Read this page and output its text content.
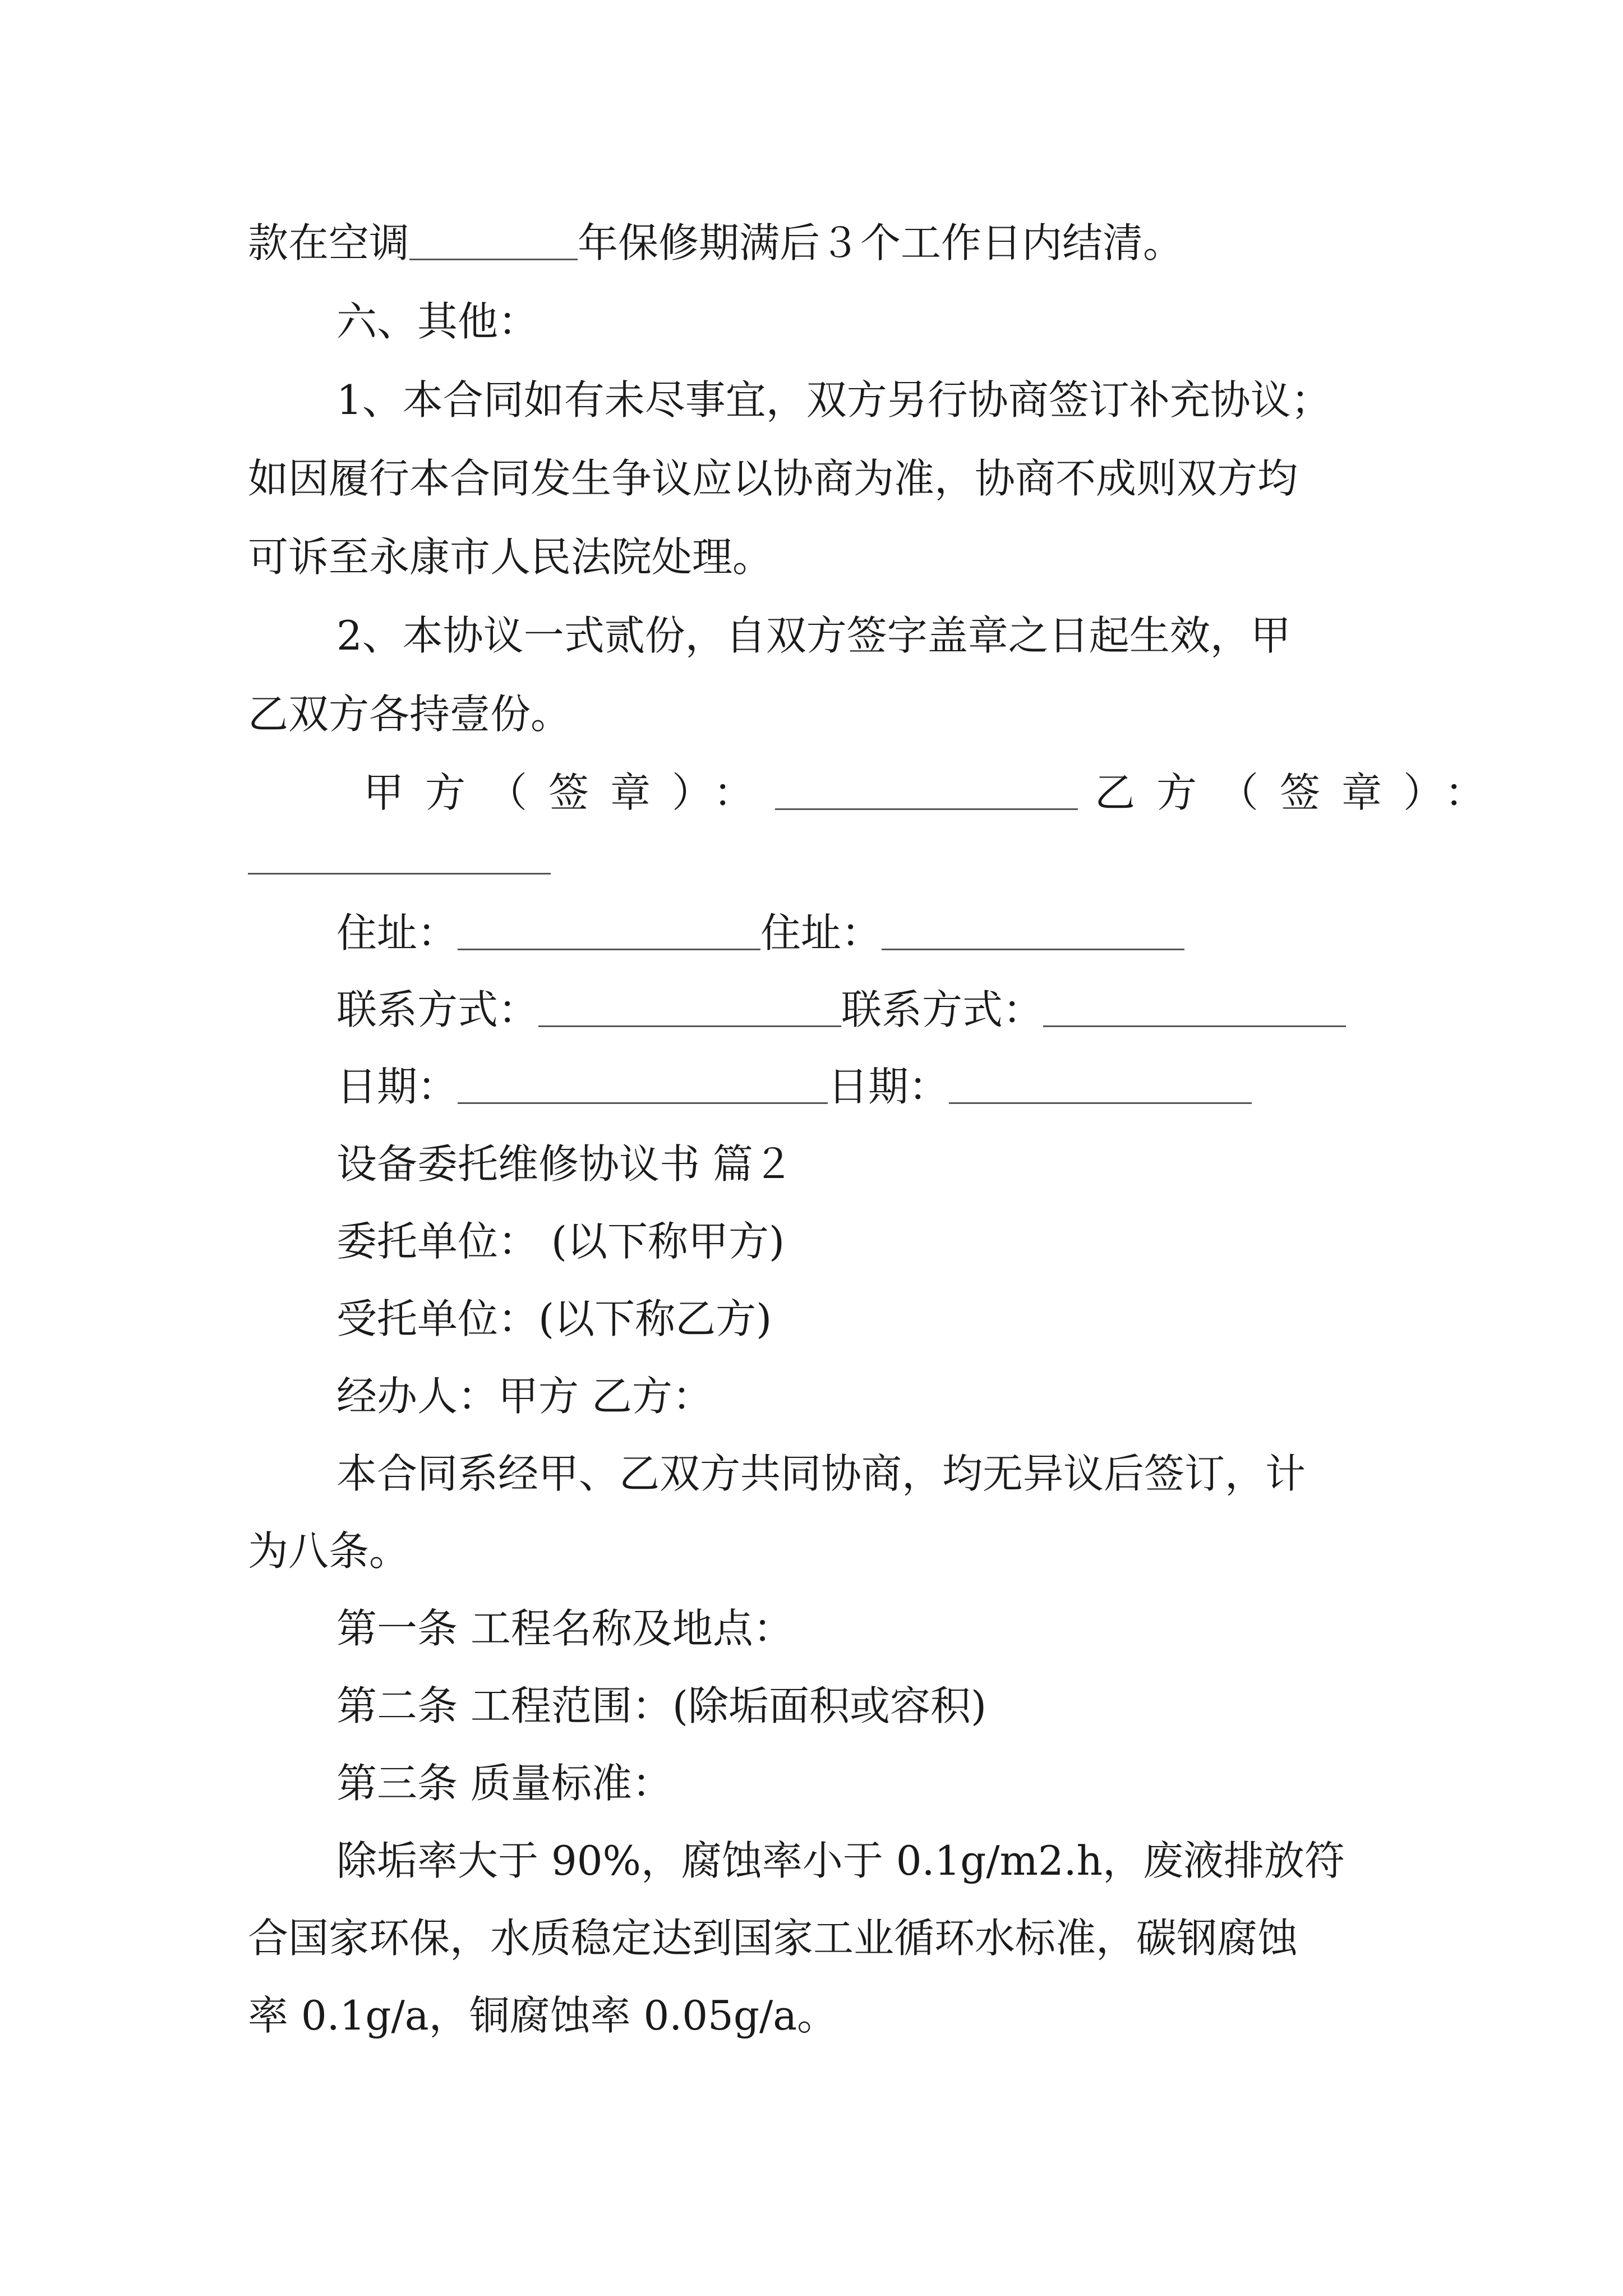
款在空调	年保修期满后３个工作日内结清。
六、其他：
1、本合同如有未尽事宜，双方另行协商签订补充协议；
如因履行本合同发生争议应以协商为准，协商不成则双方均
可诉至永康市人民法院处理。
2、本协议一式贰份，自双方签字盖章之日起生效，甲
乙双方各持壹份。
甲方（签章）：	乙方（签章）：
住址：	住址：
联系方式：	联系方式：
日期：	日期：
设备委托维修协议书 篇２
委托单位： (以下称甲方)
受托单位：(以下称乙方)
经办人：甲方 乙方：
本合同系经甲、乙双方共同协商，均无异议后签订，计
为八条。
第一条 工程名称及地点：
第二条 工程范围：(除垢面积或容积)
第三条 质量标准：
除垢率大于 90%，腐蚀率小于 0.1g/m2.h，废液排放符
合国家环保，水质稳定达到国家工业循环水标准，碳钢腐蚀
率 0.1g/a，铜腐蚀率 0.05g/a。
